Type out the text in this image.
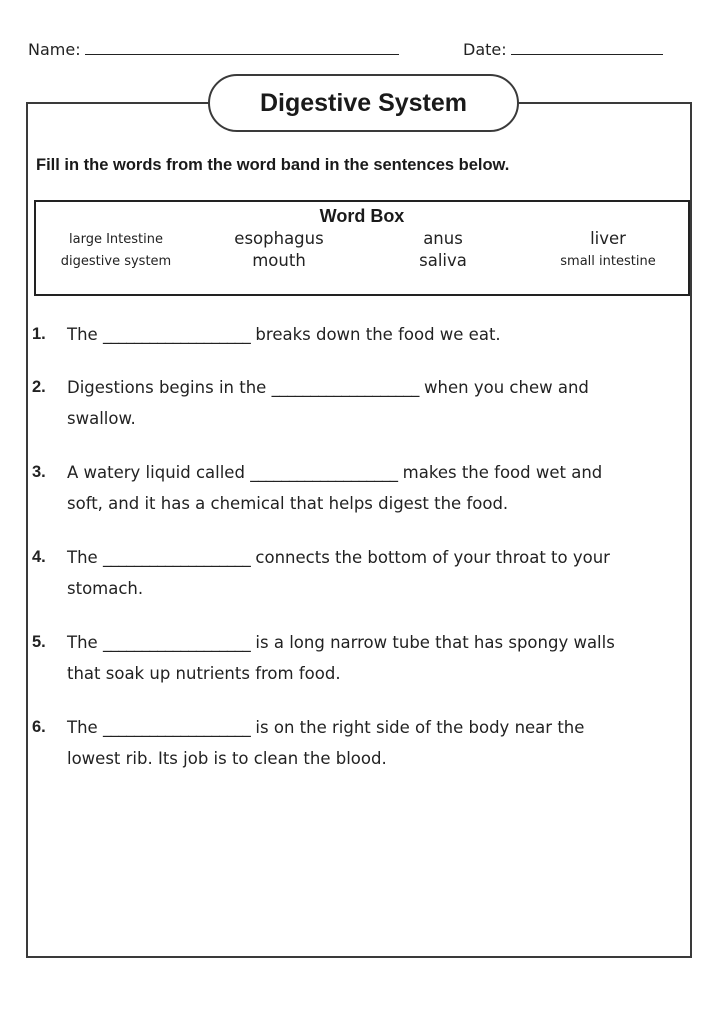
Name:	Date:
Digestive System
Fill in the words from the word band in the sentences below.
Word Box
large Intestine	esophagus	anus	liver
digestive system	mouth	saliva	small intestine
1. The ___________________ breaks down the food we eat.

2. Digestions begins in the ___________________ when you chew and
swallow.
3. A watery liquid called ___________________ makes the food wet and
soft, and it has a chemical that helps digest the food.
4. The ___________________ connects the bottom of your throat to your
stomach.
5. The ___________________ is a long narrow tube that has spongy walls
that soak up nutrients from food.
6. The ___________________ is on the right side of the body near the
lowest rib. Its job is to clean the blood.
